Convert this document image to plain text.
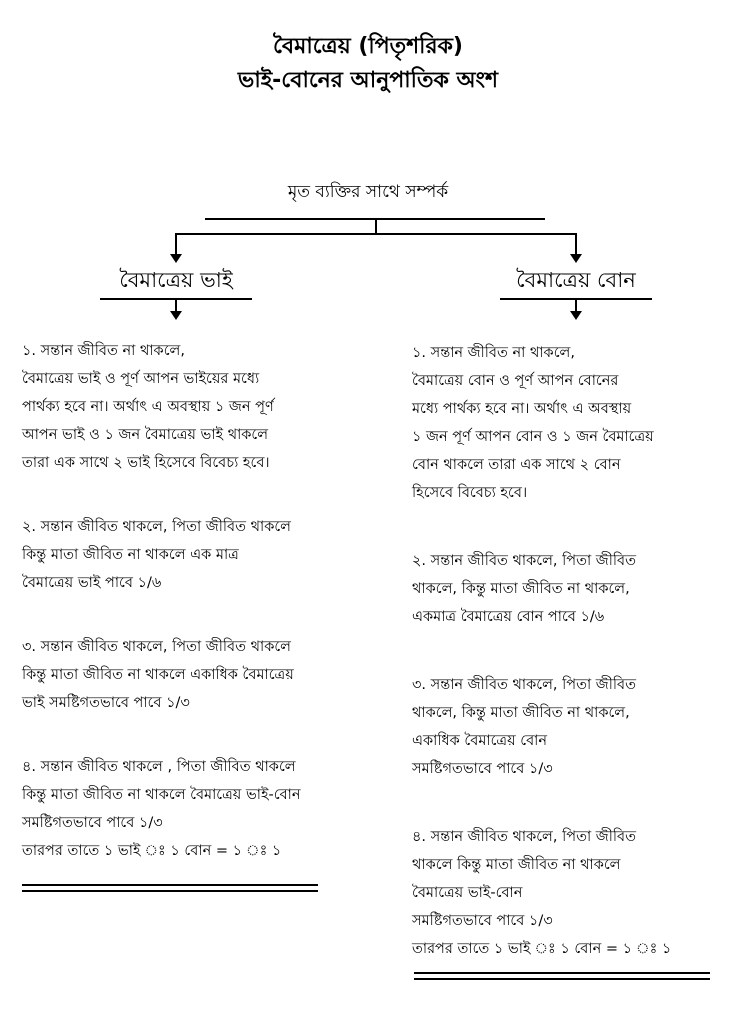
বৈমাত্রেয় (পিতৃশরিক)
ভাই-বোনের আনুপাতিক অংশ
মৃত ব্যক্তির সাথে সম্পর্ক
বৈমাত্রেয় ভাই	বৈমাত্রেয় বোন
১. সন্তান জীবিত না থাকলে,
বৈমাত্রেয় ভাই ও পূর্ণ আপন ভাইয়ের মধ্যে
পার্থক্য হবে না। অর্থাৎ এ অবস্থায় ১ জন পূর্ণ
আপন ভাই ও ১ জন বৈমাত্রেয় ভাই থাকলে
তারা এক সাথে ২ ভাই হিসেবে বিবেচ্য হবে।
২. সন্তান জীবিত থাকলে, পিতা জীবিত থাকলে
কিন্তু মাতা জীবিত না থাকলে এক মাত্র
বৈমাত্রেয় ভাই পাবে ১/৬
৩. সন্তান জীবিত থাকলে, পিতা জীবিত থাকলে
কিন্তু মাতা জীবিত না থাকলে একাধিক বৈমাত্রেয়
ভাই সমষ্টিগতভাবে পাবে ১/৩
৪. সন্তান জীবিত থাকলে , পিতা জীবিত থাকলে
কিন্তু মাতা জীবিত না থাকলে বৈমাত্রেয় ভাই-বোন
সমষ্টিগতভাবে পাবে ১/৩
তারপর তাতে ১ ভাই ঃ ১ বোন = ১ ঃ ১
১. সন্তান জীবিত না থাকলে,
বৈমাত্রেয় বোন ও পূর্ণ আপন বোনের
মধ্যে পার্থক্য হবে না। অর্থাৎ এ অবস্থায়
১ জন পূর্ণ আপন বোন ও ১ জন বৈমাত্রেয়
বোন থাকলে তারা এক সাথে ২ বোন
হিসেবে বিবেচ্য হবে।
২. সন্তান জীবিত থাকলে, পিতা জীবিত
থাকলে, কিন্তু মাতা জীবিত না থাকলে,
একমাত্র বৈমাত্রেয় বোন পাবে ১/৬
৩. সন্তান জীবিত থাকলে, পিতা জীবিত
থাকলে, কিন্তু মাতা জীবিত না থাকলে,
একাধিক বৈমাত্রেয় বোন
সমষ্টিগতভাবে পাবে ১/৩
৪. সন্তান জীবিত থাকলে, পিতা জীবিত
থাকলে কিন্তু মাতা জীবিত না থাকলে
বৈমাত্রেয় ভাই-বোন
সমষ্টিগতভাবে পাবে ১/৩
তারপর তাতে ১ ভাই ঃ ১ বোন = ১ ঃ ১
